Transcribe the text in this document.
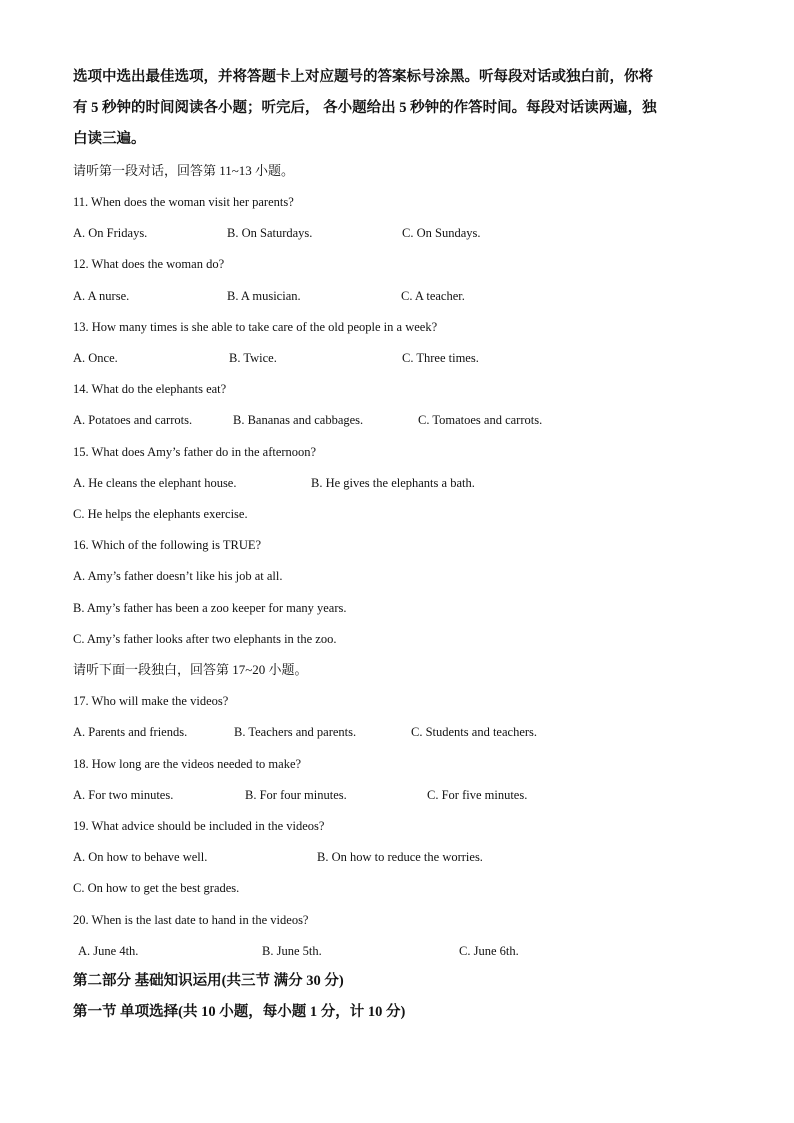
选项中选出最佳选项，并将答题卡上对应题号的答案标号涂黑。听每段对话或独白前，你将
有 5 秒钟的时间阅读各小题；听完后， 各小题给出 5 秒钟的作答时间。每段对话读两遍，独
白读三遍。
请听第一段对话，回答第 11~13 小题。
11. When does the woman visit her parents?
A. On Fridays.	B. On Saturdays.	C. On Sundays.
12. What does the woman do?
A. A nurse.	B. A musician.	C. A teacher.
13. How many times is she able to take care of the old people in a week?
A. Once.	B. Twice.	C. Three times.
14. What do the elephants eat?
A. Potatoes and carrots.	B. Bananas and cabbages.	C. Tomatoes and carrots.
15. What does Amy’s father do in the afternoon?
A. He cleans the elephant house.	B. He gives the elephants a bath.
C. He helps the elephants exercise.
16. Which of the following is TRUE?
A. Amy’s father doesn’t like his job at all.
B. Amy’s father has been a zoo keeper for many years.
C. Amy’s father looks after two elephants in the zoo.
请听下面一段独白，回答第 17~20 小题。
17. Who will make the videos?
A. Parents and friends.	B. Teachers and parents.	C. Students and teachers.
18. How long are the videos needed to make?
A. For two minutes.	B. For four minutes.	C. For five minutes.
19. What advice should be included in the videos?
A. On how to behave well.	B. On how to reduce the worries.
C. On how to get the best grades.
20. When is the last date to hand in the videos?
A. June 4th.	B. June 5th.	C. June 6th.
第二部分 基础知识运用(共三节 满分 30 分)
第一节 单项选择(共 10 小题，每小题 1 分，计 10 分)
